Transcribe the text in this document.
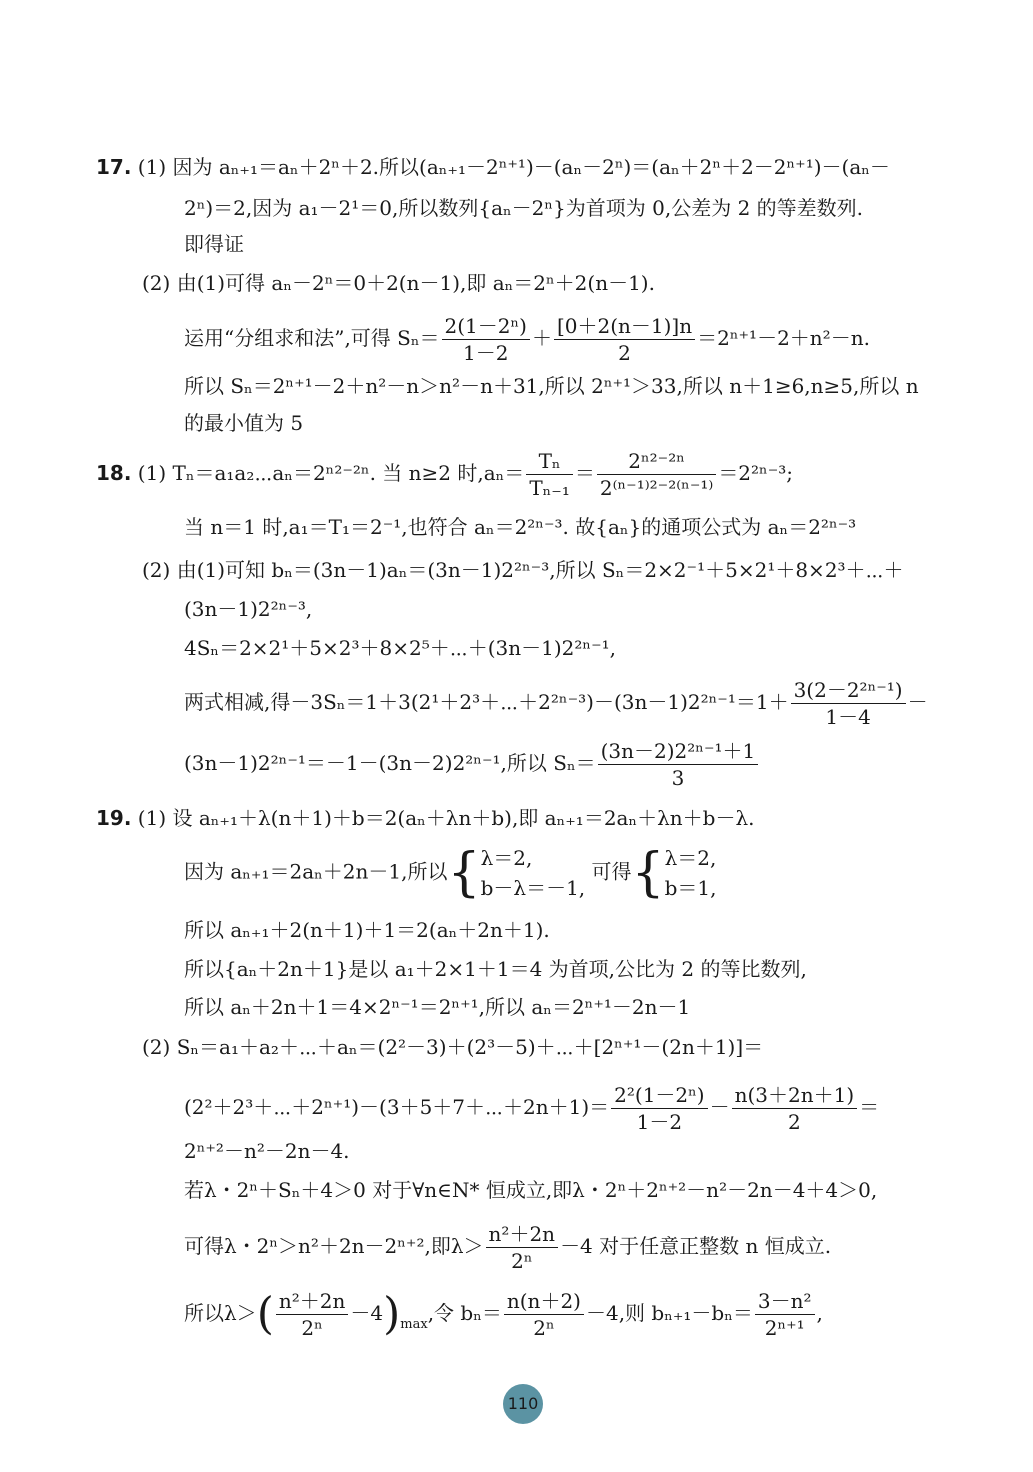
17. (1) 因为 aₙ₊₁＝aₙ＋2ⁿ＋2.所以(aₙ₊₁－2ⁿ⁺¹)－(aₙ－2ⁿ)＝(aₙ＋2ⁿ＋2－2ⁿ⁺¹)－(aₙ－
2ⁿ)＝2,因为 a₁－2¹＝0,所以数列{aₙ－2ⁿ}为首项为 0,公差为 2 的等差数列.
即得证
(2) 由(1)可得 aₙ－2ⁿ＝0＋2(n－1),即 aₙ＝2ⁿ＋2(n－1).
运用“分组求和法”,可得 $S_n= \frac{\text{2(1－2ⁿ)}}{1-2} + \frac{[0+2(n-1)]n}{2} =2^{n+1}-2+n^2-n$.
所以 Sₙ＝2ⁿ⁺¹－2＋n²－n＞n²－n＋31,所以 2ⁿ⁺¹＞33,所以 n＋1≥6,n≥5,所以 n
的最小值为 5
18. (1) Tₙ＝a₁a₂⋯aₙ＝2ⁿ²⁻²ⁿ. 当 n≥2 时$,a_n= \frac{\text{Tₙ}}{\text{Tₙ₋₁}} = \frac{\text{2ⁿ²⁻²ⁿ}}{\text{2⁽ⁿ⁻¹⁾²⁻²⁽ⁿ⁻¹⁾}} =2^{2n-3}$;
当 n＝1 时,a₁＝T₁＝2⁻¹,也符合 aₙ＝2²ⁿ⁻³. 故{aₙ}的通项公式为 aₙ＝2²ⁿ⁻³
(2) 由(1)可知 bₙ＝(3n－1)aₙ＝(3n－1)2²ⁿ⁻³,所以 Sₙ＝2×2⁻¹＋5×2¹＋8×2³＋⋯＋
(3n－1)2²ⁿ⁻³,
4Sₙ＝2×2¹＋5×2³＋8×2⁵＋⋯＋(3n－1)2²ⁿ⁻¹,
两式相减,得－3Sₙ＝1＋3(2¹＋2³＋⋯＋2²ⁿ⁻³)－(3n－1)2²ⁿ⁻¹＝1＋ $\frac{\text{3(2－2²ⁿ⁻¹)}}{1-4}$ －
(3n－1)2²ⁿ⁻¹＝－1－(3n－2)2²ⁿ⁻¹,所以 $S_n= \frac{\text{(3n－2)2²ⁿ⁻¹＋1}}{3}$
19. (1) 设 aₙ₊₁＋λ(n＋1)＋b＝2(aₙ＋λn＋b),即 aₙ₊₁＝2aₙ＋λn＋b－λ.
因为 aₙ₊₁＝2aₙ＋2n－1,所以{ λ＝2,
b－λ＝－1,
可得{ λ＝2,
b＝1,
所以 aₙ₊₁＋2(n＋1)＋1＝2(aₙ＋2n＋1).
所以{aₙ＋2n＋1}是以 a₁＋2×1＋1＝4 为首项,公比为 2 的等比数列,
所以 aₙ＋2n＋1＝4×2ⁿ⁻¹＝2ⁿ⁺¹,所以 aₙ＝2ⁿ⁺¹－2n－1
(2) Sₙ＝a₁＋a₂＋⋯＋aₙ＝(2²－3)＋(2³－5)＋⋯＋[2ⁿ⁺¹－(2n＋1)]＝
(2²＋2³＋⋯＋2ⁿ⁺¹)－(3＋5＋7＋⋯＋2n＋1)＝ $\frac{\text{2²(1－2ⁿ)}}{1-2} - \frac{n(3+2n+1)}{2}$ ＝
2ⁿ⁺²－n²－2n－4.
若λ・2ⁿ＋Sₙ＋4＞0 对于∀n∈N* 恒成立,即λ・2ⁿ＋2ⁿ⁺²－n²－2n－4＋4＞0,
可得λ・2ⁿ＞n²＋2n－2ⁿ⁺²,即$\lambda> \frac{\text{n²＋2n}}{\text{2ⁿ}} -4$ 对于任意正整数 n 恒成立.
所以$\lambda>( \frac{\text{n²＋2n}}{\text{2ⁿ}} -4)_{max}$,令 $b_n= \frac{n(n+2)}{\text{2ⁿ}} -4$,则 $b_{n+1}-b_n= \frac{\text{3－n²}}{\text{2ⁿ⁺¹}}$ ,
110
